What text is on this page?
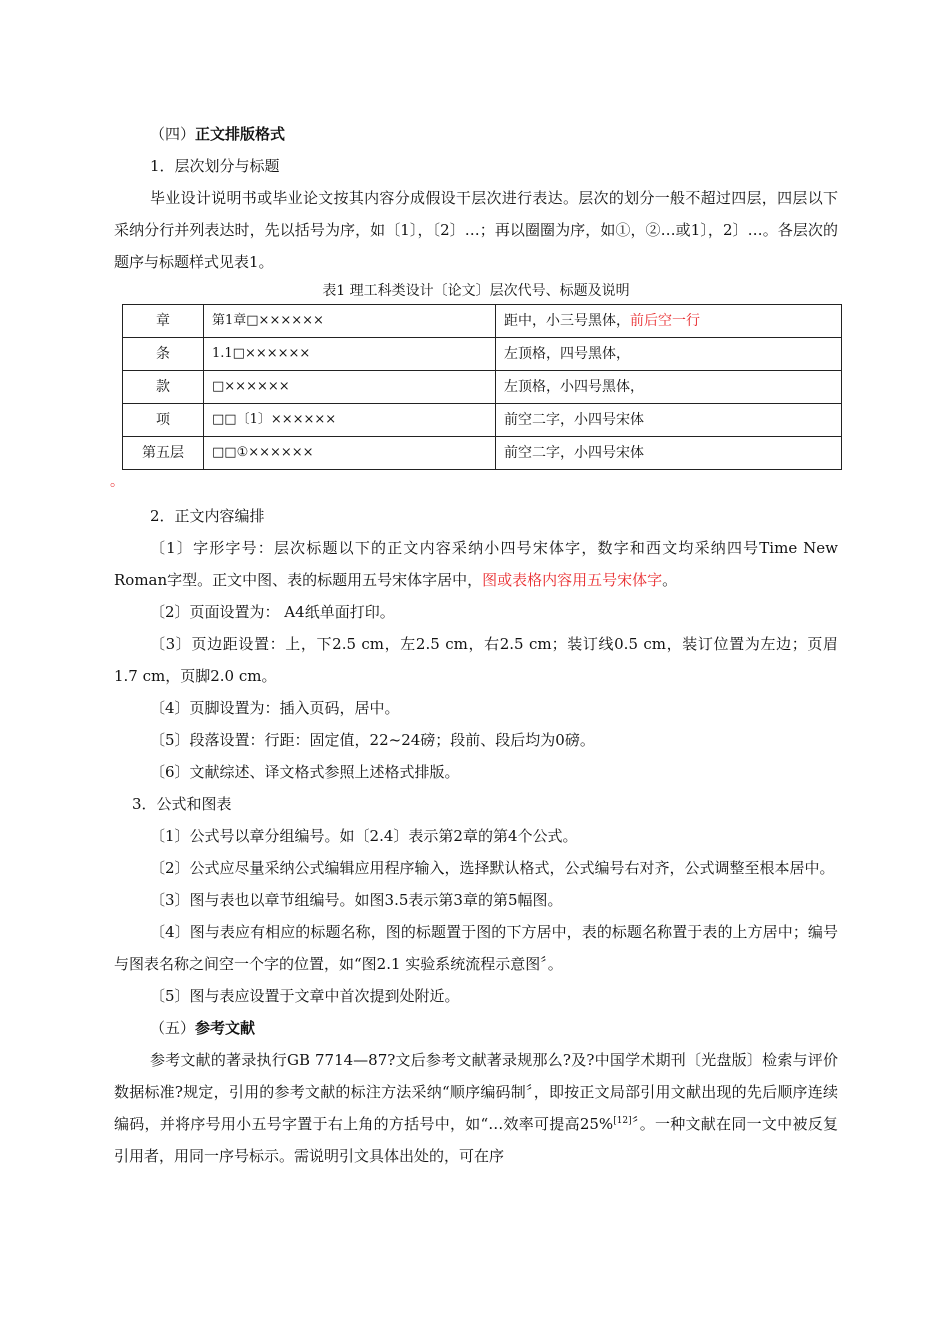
（四）正文排版格式

1．层次划分与标题

毕业设计说明书或毕业论文按其内容分成假设干层次进行表达。层次的划分一般不超过四层，四层以下采纳分行并列表达时，先以括号为序，如〔1〕，〔2〕…；再以圈圈为序，如①，②…或1〕，2〕…。各层次的题序与标题样式见表1。

表1 理工科类设计〔论文〕层次代号、标题及说明

章	第1章□××××××	距中，小三号黑体，前后空一行
条	1.1□××××××	左顶格，四号黑体，
款	□××××××	左顶格，小四号黑体，
项	□□〔1〕××××××	前空二字，小四号宋体
第五层	□□①××××××	前空二字，小四号宋体

。

2．正文内容编排

〔1〕字形字号：层次标题以下的正文内容采纳小四号宋体字，数字和西文均采纳四号Time New Roman字型。正文中图、表的标题用五号宋体字居中，图或表格内容用五号宋体字。

〔2〕页面设置为： A4纸单面打印。

〔3〕页边距设置：上，下2.5 cm，左2.5 cm，右2.5 cm；装订线0.5 cm，装订位置为左边；页眉1.7 cm，页脚2.0 cm。

〔4〕页脚设置为：插入页码，居中。

〔5〕段落设置：行距：固定值，22~24磅；段前、段后均为0磅。

〔6〕文献综述、译文格式参照上述格式排版。

3．公式和图表

〔1〕公式号以章分组编号。如〔2.4〕表示第2章的第4个公式。

〔2〕公式应尽量采纳公式编辑应用程序输入，选择默认格式，公式编号右对齐，公式调整至根本居中。

〔3〕图与表也以章节组编号。如图3.5表示第3章的第5幅图。

〔4〕图与表应有相应的标题名称，图的标题置于图的下方居中，表的标题名称置于表的上方居中；编号与图表名称之间空一个字的位置，如“图2.1 实验系统流程示意图〞。

〔5〕图与表应设置于文章中首次提到处附近。

（五）参考文献

参考文献的著录执行GB 7714—87?文后参考文献著录规那么?及?中国学术期刊〔光盘版〕检索与评价数据标准?规定，引用的参考文献的标注方法采纳“顺序编码制〞，即按正文局部引用文献出现的先后顺序连续编码，并将序号用小五号字置于右上角的方括号中，如“…效率可提高25%[12]〞。一种文献在同一文中被反复引用者，用同一序号标示。需说明引文具体出处的，可在序
